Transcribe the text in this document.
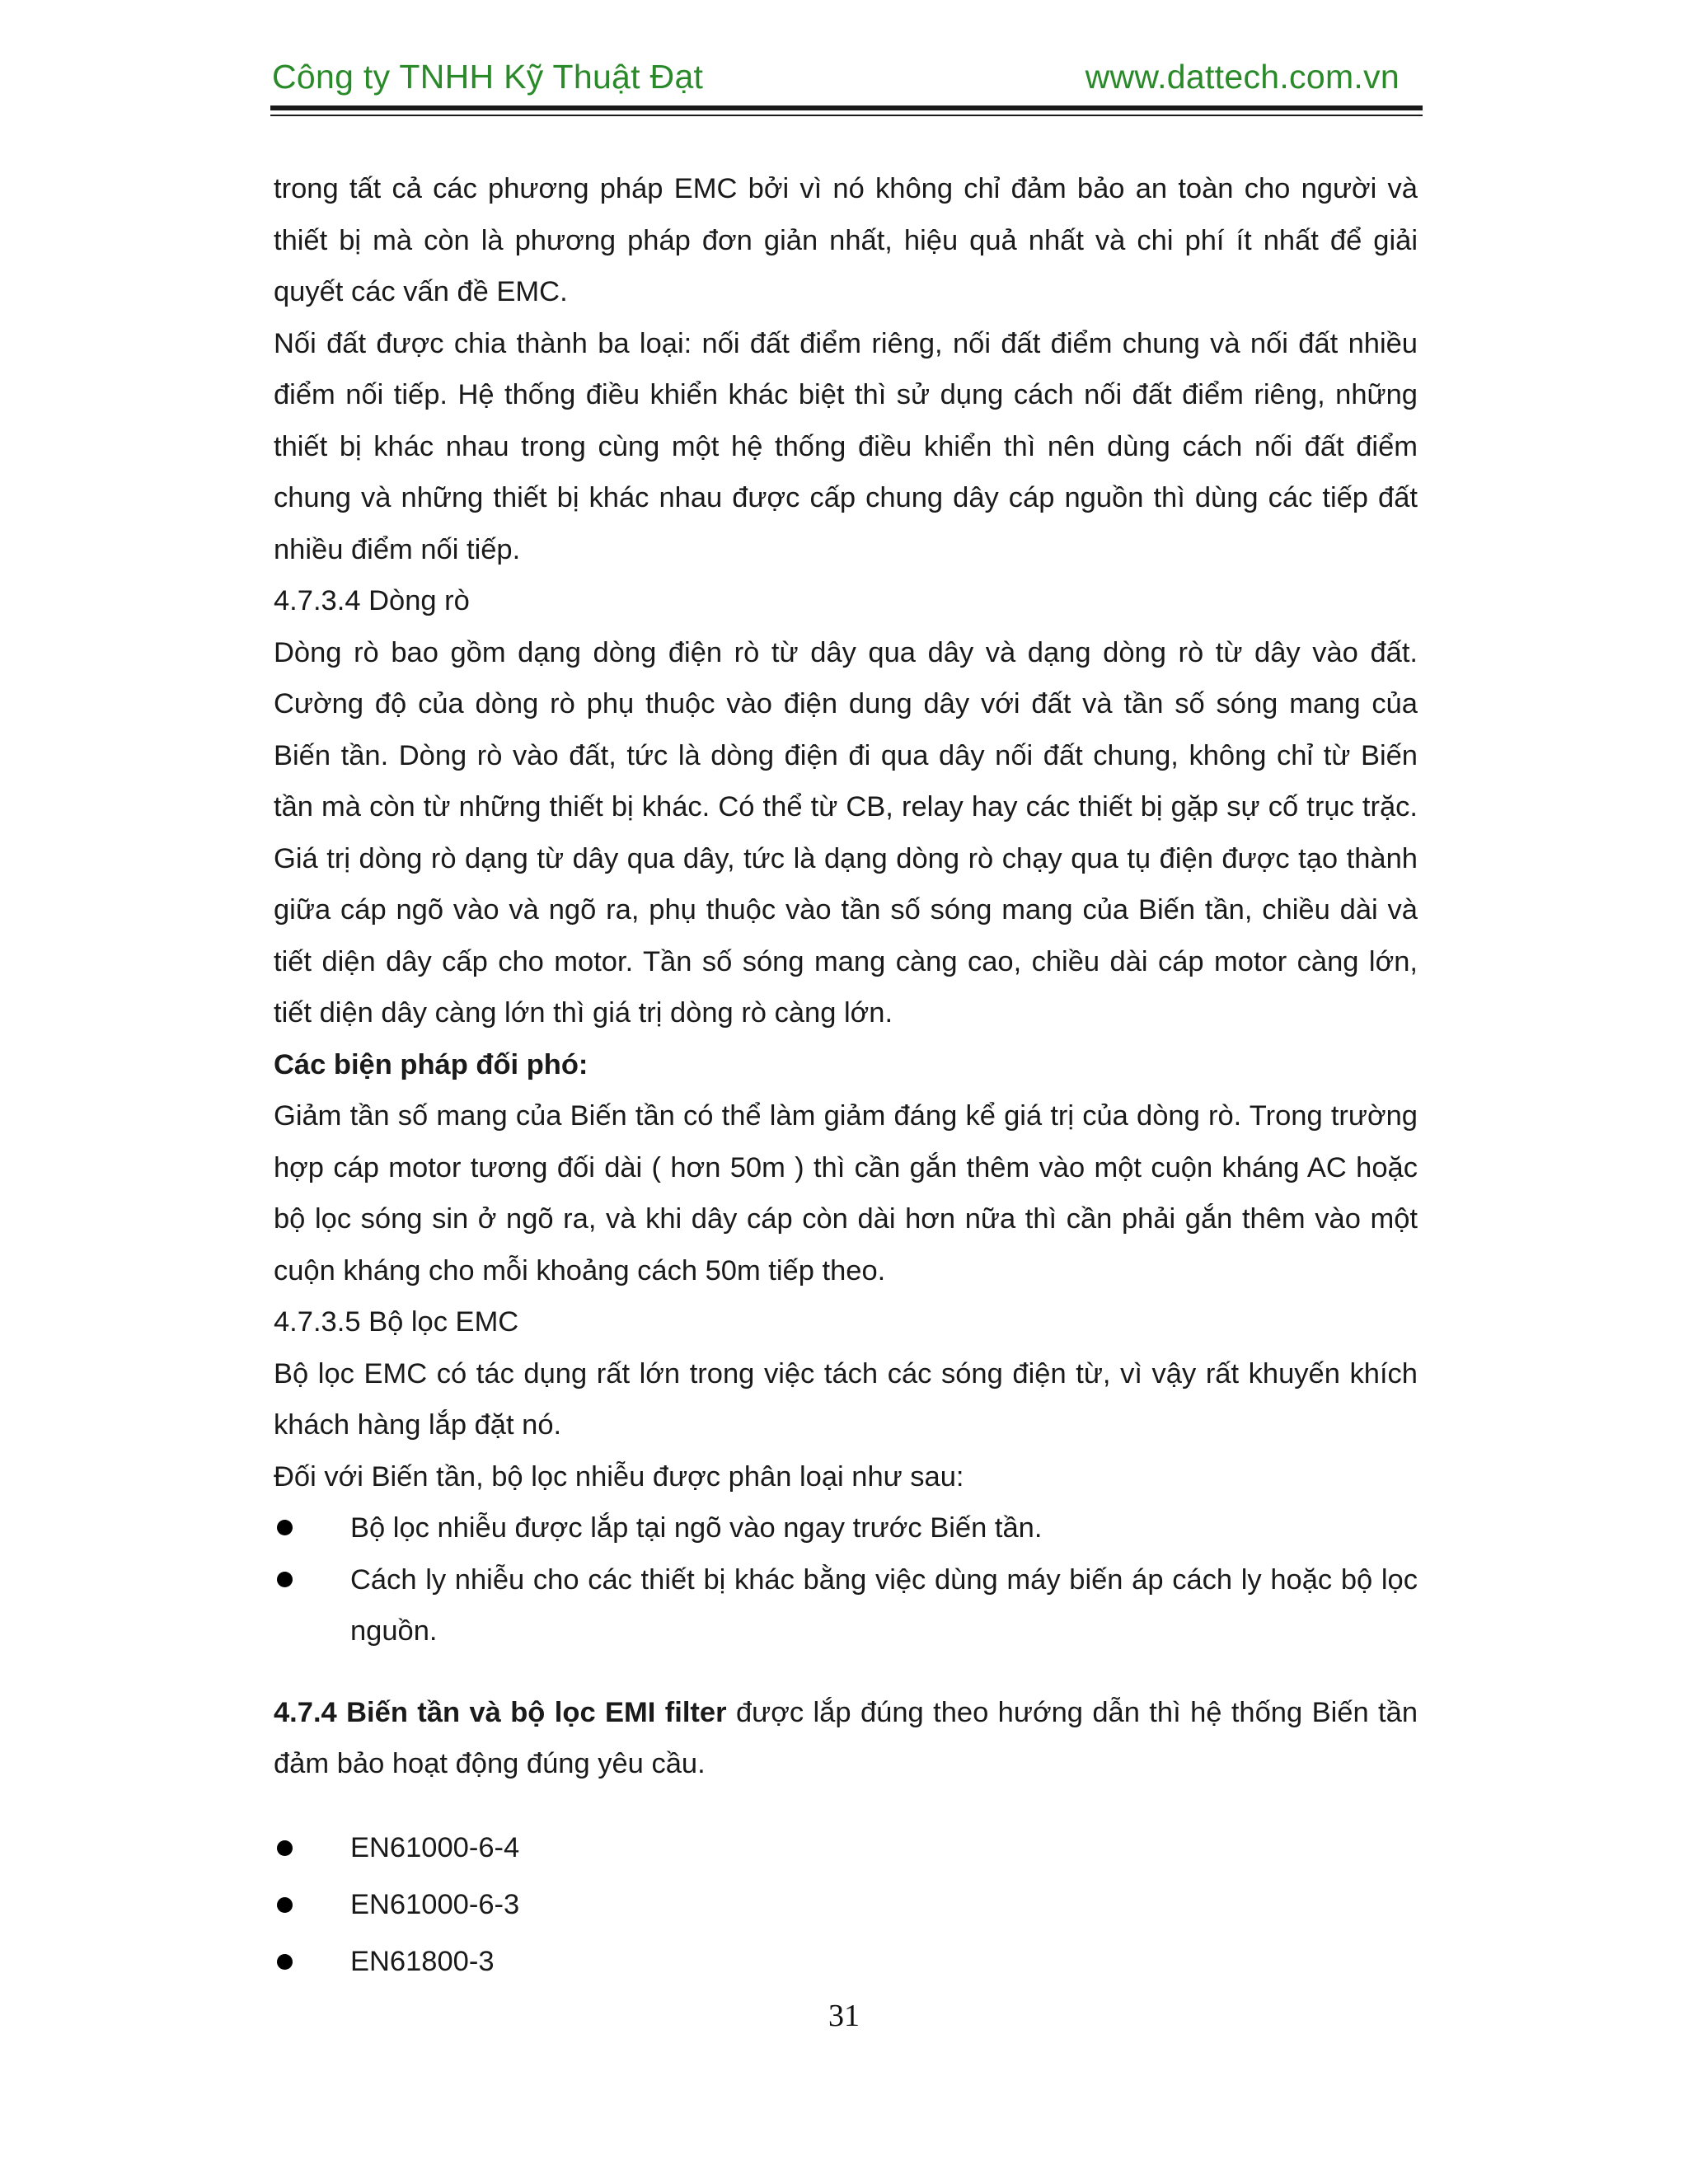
Công ty TNHH Kỹ Thuật Đạt	www.dattech.com.vn

trong tất cả các phương pháp EMC bởi vì nó không chỉ đảm bảo an toàn cho người và thiết bị mà còn là phương pháp đơn giản nhất, hiệu quả nhất và chi phí ít nhất để giải quyết các vấn đề EMC.

Nối đất được chia thành ba loại: nối đất điểm riêng, nối đất điểm chung và nối đất nhiều điểm nối tiếp. Hệ thống điều khiển khác biệt thì sử dụng cách nối đất điểm riêng, những thiết bị khác nhau trong cùng một hệ thống điều khiển thì nên dùng cách nối đất điểm chung và những thiết bị khác nhau được cấp chung dây cáp nguồn thì dùng các tiếp đất nhiều điểm nối tiếp.

4.7.3.4 Dòng rò

Dòng rò bao gồm dạng dòng điện rò từ dây qua dây và dạng dòng rò từ dây vào đất. Cường độ của dòng rò phụ thuộc vào điện dung dây với đất và tần số sóng mang của Biến tần. Dòng rò vào đất, tức là dòng điện đi qua dây nối đất chung, không chỉ từ Biến tần mà còn từ những thiết bị khác. Có thể từ CB, relay hay các thiết bị gặp sự cố trục trặc. Giá trị dòng rò dạng từ dây qua dây, tức là dạng dòng rò chạy qua tụ điện được tạo thành giữa cáp ngõ vào và ngõ ra, phụ thuộc vào tần số sóng mang của Biến tần, chiều dài và tiết diện dây cấp cho motor. Tần số sóng mang càng cao, chiều dài cáp motor càng lớn, tiết diện dây càng lớn thì giá trị dòng rò càng lớn.

Các biện pháp đối phó:

Giảm tần số mang của Biến tần có thể làm giảm đáng kể giá trị của dòng rò. Trong trường hợp cáp motor tương đối dài ( hơn 50m ) thì cần gắn thêm vào một cuộn kháng AC hoặc bộ lọc sóng sin ở ngõ ra, và khi dây cáp còn dài hơn nữa thì cần phải gắn thêm vào một cuộn kháng cho mỗi khoảng cách 50m tiếp theo.

4.7.3.5 Bộ lọc EMC

Bộ lọc EMC có tác dụng rất lớn trong việc tách các sóng điện từ, vì vậy rất khuyến khích khách hàng lắp đặt nó.

Đối với Biến tần, bộ lọc nhiễu được phân loại như sau:

Bộ lọc nhiễu được lắp tại ngõ vào ngay trước Biến tần.
Cách ly nhiễu cho các thiết bị khác bằng việc dùng máy biến áp cách ly hoặc bộ lọc nguồn.

4.7.4 Biến tần và bộ lọc EMI filter được lắp đúng theo hướng dẫn thì hệ thống Biến tần đảm bảo hoạt động đúng yêu cầu.

EN61000-6-4
EN61000-6-3
EN61800-3
31
